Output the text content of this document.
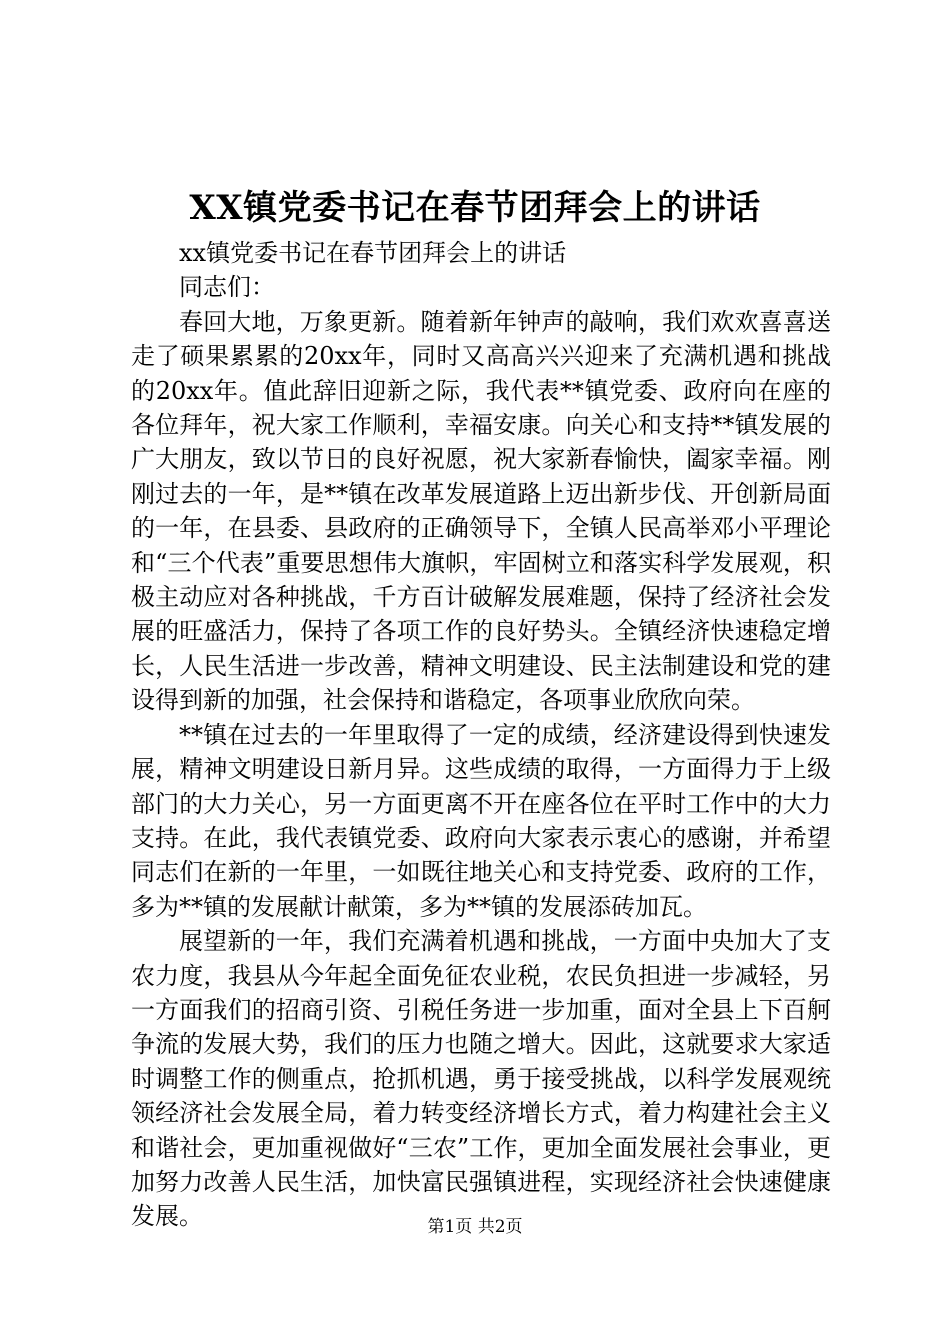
XX镇党委书记在春节团拜会上的讲话

xx镇党委书记在春节团拜会上的讲话

同志们：

春回大地，万象更新。随着新年钟声的敲响，我们欢欢喜喜送走了硕果累累的20xx年，同时又高高兴兴迎来了充满机遇和挑战的20xx年。值此辞旧迎新之际，我代表**镇党委、政府向在座的各位拜年，祝大家工作顺利，幸福安康。向关心和支持**镇发展的广大朋友，致以节日的良好祝愿，祝大家新春愉快，阖家幸福。刚刚过去的一年，是**镇在改革发展道路上迈出新步伐、开创新局面的一年，在县委、县政府的正确领导下，全镇人民高举邓小平理论和“三个代表”重要思想伟大旗帜，牢固树立和落实科学发展观，积极主动应对各种挑战，千方百计破解发展难题，保持了经济社会发展的旺盛活力，保持了各项工作的良好势头。全镇经济快速稳定增长，人民生活进一步改善，精神文明建设、民主法制建设和党的建设得到新的加强，社会保持和谐稳定，各项事业欣欣向荣。

**镇在过去的一年里取得了一定的成绩，经济建设得到快速发展，精神文明建设日新月异。这些成绩的取得，一方面得力于上级部门的大力关心，另一方面更离不开在座各位在平时工作中的大力支持。在此，我代表镇党委、政府向大家表示衷心的感谢，并希望同志们在新的一年里，一如既往地关心和支持党委、政府的工作，多为**镇的发展献计献策，多为**镇的发展添砖加瓦。

展望新的一年，我们充满着机遇和挑战，一方面中央加大了支农力度，我县从今年起全面免征农业税，农民负担进一步减轻，另一方面我们的招商引资、引税任务进一步加重，面对全县上下百舸争流的发展大势，我们的压力也随之增大。因此，这就要求大家适时调整工作的侧重点，抢抓机遇，勇于接受挑战，以科学发展观统领经济社会发展全局，着力转变经济增长方式，着力构建社会主义和谐社会，更加重视做好“三农”工作，更加全面发展社会事业，更加努力改善人民生活，加快富民强镇进程，实现经济社会快速健康发展。	第1页 共2页
